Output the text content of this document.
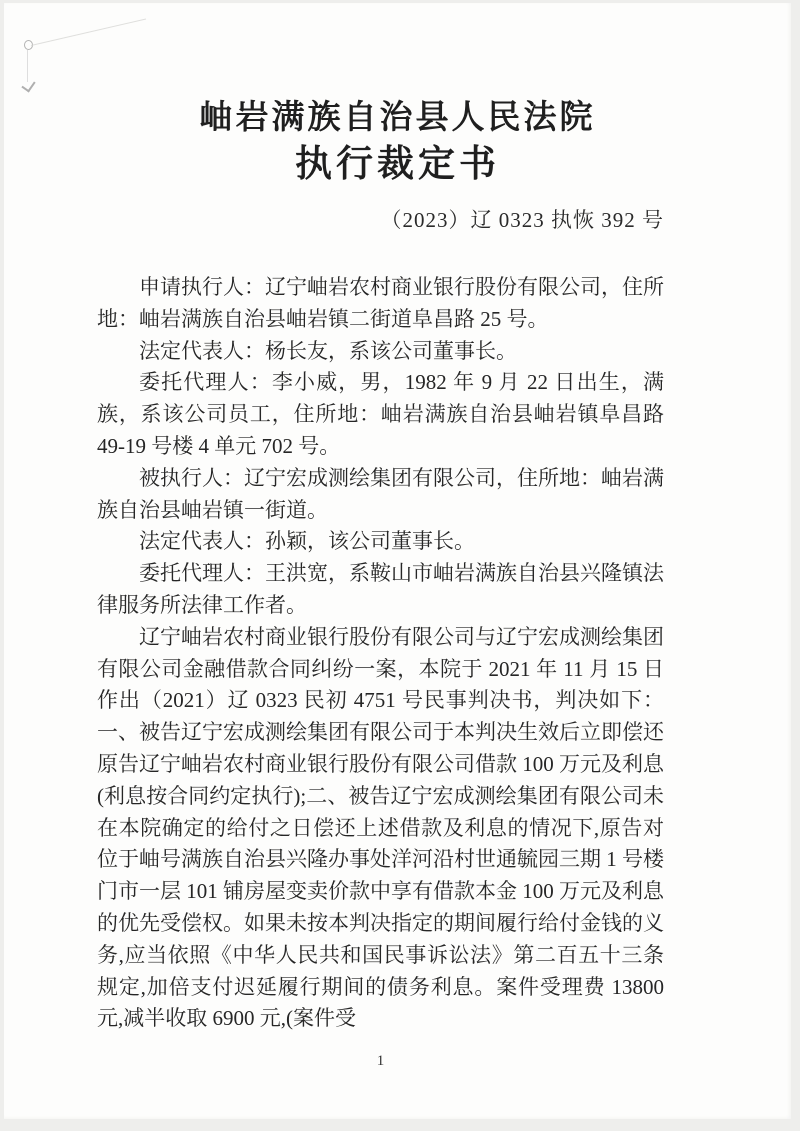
岫岩满族自治县人民法院
执行裁定书
（2023）辽 0323 执恢 392 号

申请执行人：辽宁岫岩农村商业银行股份有限公司，住所地：岫岩满族自治县岫岩镇二街道阜昌路 25 号。

法定代表人：杨长友，系该公司董事长。

委托代理人：李小威，男，1982 年 9 月 22 日出生，满族，系该公司员工，住所地：岫岩满族自治县岫岩镇阜昌路 49-19 号楼 4 单元 702 号。

被执行人：辽宁宏成测绘集团有限公司，住所地：岫岩满族自治县岫岩镇一街道。

法定代表人：孙颖，该公司董事长。

委托代理人：王洪宽，系鞍山市岫岩满族自治县兴隆镇法律服务所法律工作者。

辽宁岫岩农村商业银行股份有限公司与辽宁宏成测绘集团有限公司金融借款合同纠纷一案，本院于 2021 年 11 月 15 日作出（2021）辽 0323 民初 4751 号民事判决书，判决如下：一、被告辽宁宏成测绘集团有限公司于本判决生效后立即偿还原告辽宁岫岩农村商业银行股份有限公司借款 100 万元及利息(利息按合同约定执行);二、被告辽宁宏成测绘集团有限公司未在本院确定的给付之日偿还上述借款及利息的情况下,原告对位于岫号满族自治县兴隆办事处洋河沿村世通毓园三期 1 号楼门市一层 101 铺房屋变卖价款中享有借款本金 100 万元及利息的优先受偿权。如果未按本判决指定的期间履行给付金钱的义务,应当依照《中华人民共和国民事诉讼法》第二百五十三条规定,加倍支付迟延履行期间的债务利息。案件受理费 13800 元,减半收取 6900 元,(案件受

1
